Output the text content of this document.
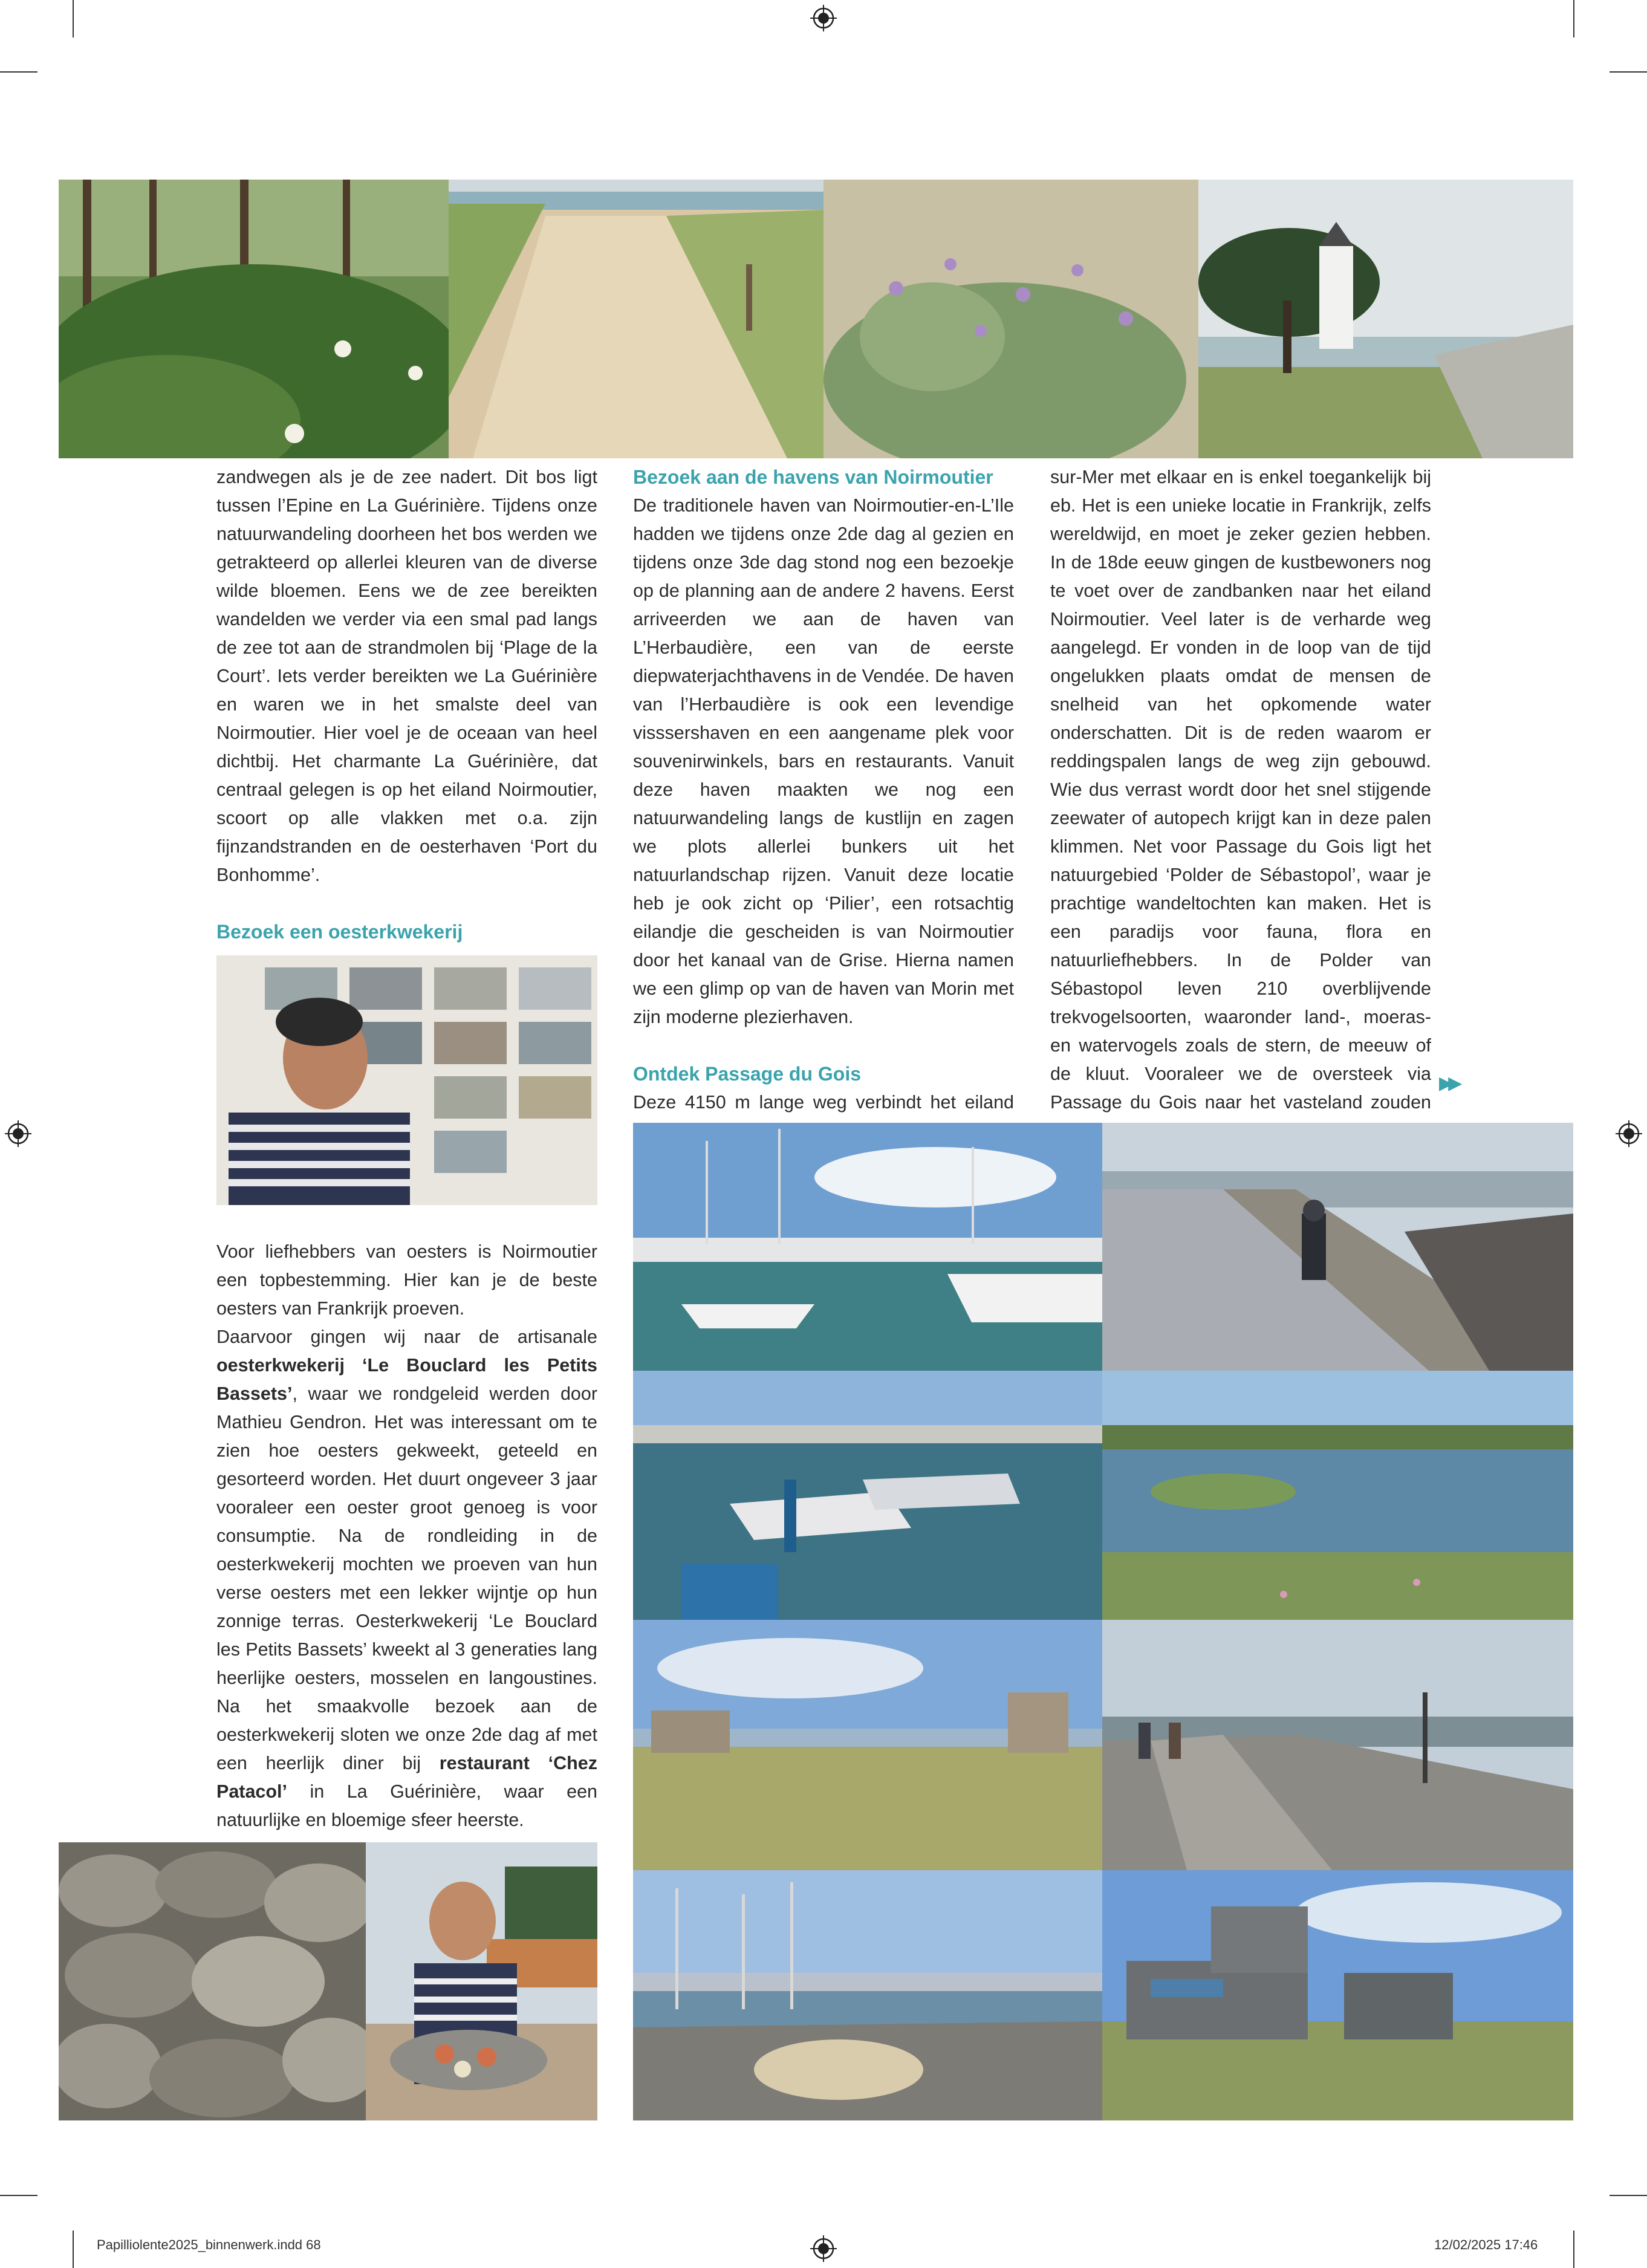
zandwegen als je de zee nadert. Dit bos ligt tussen l’Epine en La Guérinière. Tijdens onze natuurwandeling doorheen het bos werden we getrakteerd op allerlei kleuren van de diverse wilde bloemen. Eens we de zee bereikten wandelden we verder via een smal pad langs de zee tot aan de strandmolen bij ‘Plage de la Court’. Iets verder bereikten we La Guérinière en waren we in het smalste deel van Noirmoutier. Hier voel je de oceaan van heel dichtbij. Het charmante La Guérinière, dat centraal gelegen is op het eiland Noirmoutier, scoort op alle vlakken met o.a. zijn fijnzandstranden en de oesterhaven ‘Port du Bonhomme’.

Bezoek een oesterkwekerij

Voor liefhebbers van oesters is Noirmoutier een topbestemming. Hier kan je de beste oesters van Frankrijk proeven.

Daarvoor gingen wij naar de artisanale oesterkwekerij ‘Le Bouclard les Petits Bassets’, waar we rondgeleid werden door Mathieu Gendron. Het was interessant om te zien hoe oesters gekweekt, geteeld en gesorteerd worden. Het duurt ongeveer 3 jaar vooraleer een oester groot genoeg is voor consumptie. Na de rondleiding in de oesterkwekerij mochten we proeven van hun verse oesters met een lekker wijntje op hun zonnige terras. Oesterkwekerij ‘Le Bouclard les Petits Bassets’ kweekt al 3 generaties lang heerlijke oesters, mosselen en langoustines. Na het smaakvolle bezoek aan de oesterkwekerij sloten we onze 2de dag af met een heerlijk diner bij restaurant ‘Chez Patacol’ in La Guérinière, waar een natuurlijke en bloemige sfeer heerste.

Bezoek aan de havens van Noirmoutier

De traditionele haven van Noirmoutier-en-L’Ile hadden we tijdens onze 2de dag al gezien en tijdens onze 3de dag stond nog een bezoekje op de planning aan de andere 2 havens. Eerst arriveerden we aan de haven van L’Herbaudière, een van de eerste diepwaterjachthavens in de Vendée. De haven van l’Herbaudière is ook een levendige visssershaven en een aangename plek voor souvenirwinkels, bars en restaurants. Vanuit deze haven maakten we nog een natuurwandeling langs de kustlijn en zagen we plots allerlei bunkers uit het natuurlandschap rijzen. Vanuit deze locatie heb je ook zicht op ‘Pilier’, een rotsachtig eilandje die gescheiden is van Noirmoutier door het kanaal van de Grise. Hierna namen we een glimp op van de haven van Morin met zijn moderne plezierhaven.

Ontdek Passage du Gois

Deze 4150 m lange weg verbindt het eiland

sur-Mer met elkaar en is enkel toegankelijk bij eb. Het is een unieke locatie in Frankrijk, zelfs wereldwijd, en moet je zeker gezien hebben. In de 18de eeuw gingen de kustbewoners nog te voet over de zandbanken naar het eiland Noirmoutier. Veel later is de verharde weg aangelegd. Er vonden in de loop van de tijd ongelukken plaats omdat de mensen de snelheid van het opkomende water onderschatten. Dit is de reden waarom er reddingspalen langs de weg zijn gebouwd. Wie dus verrast wordt door het snel stijgende zeewater of autopech krijgt kan in deze palen klimmen. Net voor Passage du Gois ligt het natuurgebied ‘Polder de Sébastopol’, waar je prachtige wandeltochten kan maken. Het is een paradijs voor fauna, flora en natuurliefhebbers. In de Polder van Sébastopol leven 210 overblijvende trekvogelsoorten, waaronder land-, moeras- en watervogels zoals de stern, de meeuw of de kluut. Vooraleer we de oversteek via Passage du Gois naar het vasteland zouden

▶▶
Papilliolente2025_binnenwerk.indd 68	12/02/2025 17:46
